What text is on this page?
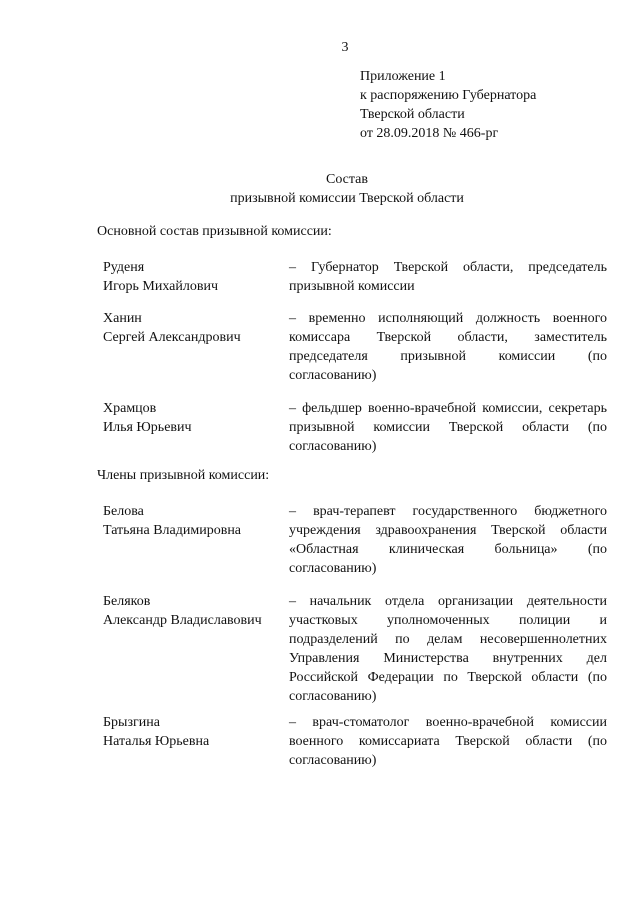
3
Приложение 1
к распоряжению Губернатора
Тверской области
от 28.09.2018 № 466-рг
Состав
призывной комиссии Тверской области
Основной состав призывной комиссии:
Руденя
Игорь Михайлович
– Губернатор Тверской области, председатель призывной комиссии
Ханин
Сергей Александрович
– временно исполняющий должность военного комиссара Тверской области, заместитель председателя призывной комиссии (по согласованию)
Храмцов
Илья Юрьевич
– фельдшер военно-врачебной комиссии, секретарь призывной комиссии Тверской области (по согласованию)
Члены призывной комиссии:
Белова
Татьяна Владимировна
– врач-терапевт государственного бюджетного учреждения здравоохранения Тверской области «Областная клиническая больница» (по согласованию)
Беляков
Александр Владиславович
– начальник отдела организации деятельности участковых уполномоченных полиции и подразделений по делам несовершеннолетних Управления Министерства внутренних дел Российской Федерации по Тверской области (по согласованию)
Брызгина
Наталья Юрьевна
– врач-стоматолог военно-врачебной комиссии военного комиссариата Тверской области (по согласованию)
